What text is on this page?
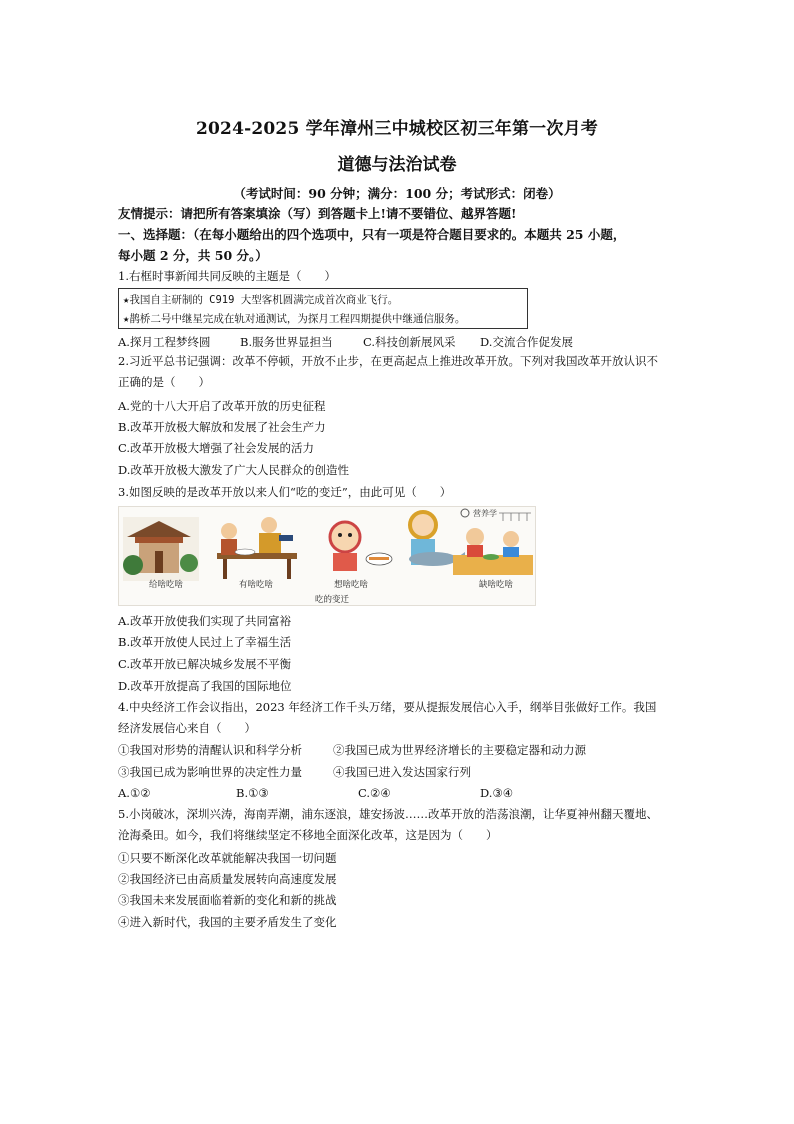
2024-2025 学年漳州三中城校区初三年第一次月考
道德与法治试卷
（考试时间：90 分钟；满分：100 分；考试形式：闭卷）
友情提示：请把所有答案填涂（写）到答题卡上!请不要错位、越界答题!
一、选择题：（在每小题给出的四个选项中，只有一项是符合题目要求的。本题共 25 小题，
每小题 2 分，共 50 分。）
1.右框时事新闻共同反映的主题是（　　）
★我国自主研制的 C919 大型客机圆满完成首次商业飞行。
★鹊桥二号中继星完成在轨对通测试，为探月工程四期提供中继通信服务。
A.探月工程梦终圆	B.服务世界显担当	C.科技创新展风采 D.交流合作促发展
2.习近平总书记强调：改革不停顿，开放不止步，在更高起点上推进改革开放。下列对我国改革开放认识不
正确的是（　　）
A.党的十八大开启了改革开放的历史征程
B.改革开放极大解放和发展了社会生产力
C.改革开放极大增强了社会发展的活力
D.改革开放极大激发了广大人民群众的创造性
3.如图反映的是改革开放以来人们“吃的变迁”，由此可见（　　）
营养学
给啥吃啥	有啥吃啥	想啥吃啥	缺啥吃啥
吃的变迁
A.改革开放使我们实现了共同富裕
B.改革开放使人民过上了幸福生活
C.改革开放已解决城乡发展不平衡
D.改革开放提高了我国的国际地位
4.中央经济工作会议指出，2023 年经济工作千头万绪，要从提振发展信心入手，纲举目张做好工作。我国
经济发展信心来自（　　）
①我国对形势的清醒认识和科学分析	②我国已成为世界经济增长的主要稳定器和动力源
③我国已成为影响世界的决定性力量	④我国已进入发达国家行列
A.①②	B.①③	C.②④	D.③④
5.小岗破冰，深圳兴涛，海南弄潮，浦东逐浪，雄安扬波……改革开放的浩荡浪潮，让华夏神州翻天覆地、
沧海桑田。如今，我们将继续坚定不移地全面深化改革，这是因为（　　）
①只要不断深化改革就能解决我国一切问题
②我国经济已由高质量发展转向高速度发展
③我国未来发展面临着新的变化和新的挑战
④进入新时代，我国的主要矛盾发生了变化
